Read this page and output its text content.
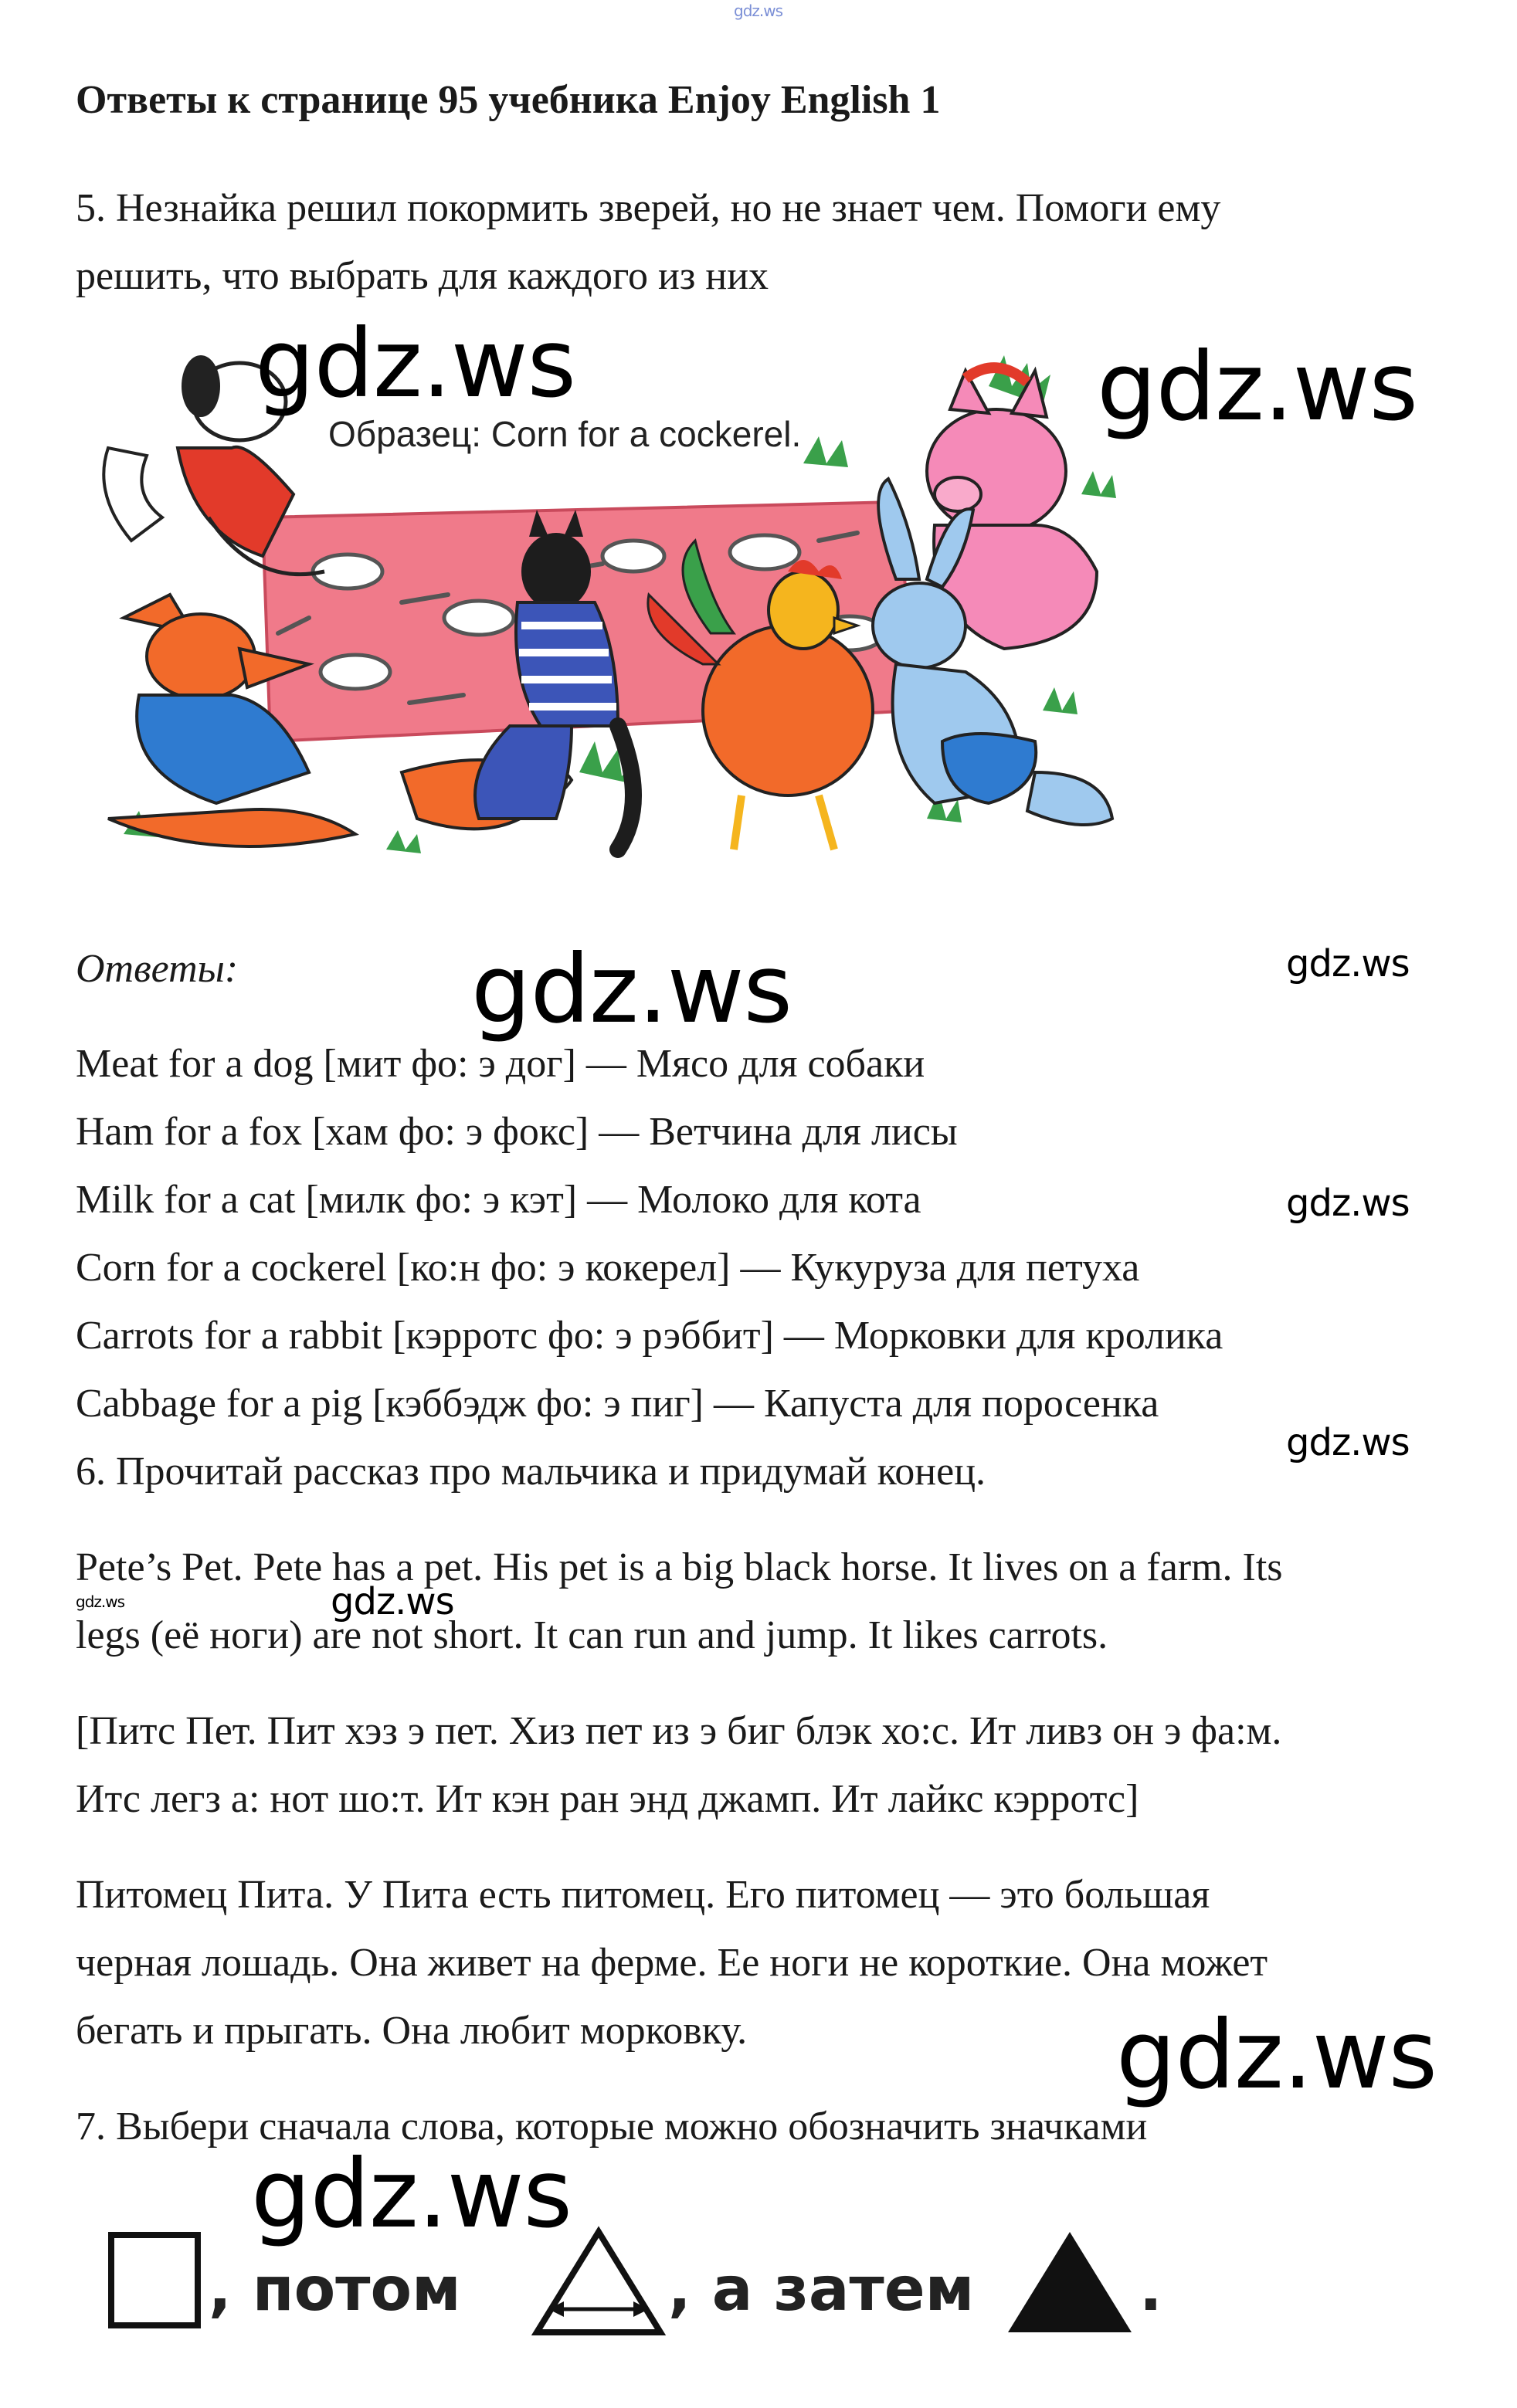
gdz.ws
Ответы к странице 95 учебника Enjoy English 1
5. Незнайка решил покормить зверей, но не знает чем. Помоги ему
решить, что выбрать для каждого из них
Образец: Corn for a cockerel.
Ответы:
Meat for a dog [мит фо: э дог] — Мясо для собаки
Ham for a fox [хам фо: э фокс] — Ветчина для лисы
Milk for a cat [милк фо: э кэт] — Молоко для кота
Corn for a cockerel [ко:н фо: э кокерел] — Кукуруза для петуха
Carrots for a rabbit [кэрротс фо: э рэббит] — Морковки для кролика
Cabbage for a pig [кэббэдж фо: э пиг] — Капуста для поросенка
6. Прочитай рассказ про мальчика и придумай конец.
Pete’s Pet. Pete has a pet. His pet is a big black horse. It lives on a farm. Its
legs (её ноги) are not short. It can run and jump. It likes carrots.
[Питс Пет. Пит хэз э пет. Хиз пет из э биг блэк хо:с. Ит ливз он э фа:м.
Итс легз а: нот шо:т. Ит кэн ран энд джамп. Ит лайкс кэрротс]
Питомец Пита. У Пита есть питомец. Его питомец — это большая
черная лошадь. Она живет на ферме. Ее ноги не короткие. Она может
бегать и прыгать. Она любит морковку.
7. Выбери сначала слова, которые можно обозначить значками
, потом	, а затем	.
gdz.ws	gdz.ws
gdz.ws	gdz.ws
gdz.ws
gdz.ws
gdz.ws	gdz.ws
gdz.ws
gdz.ws
